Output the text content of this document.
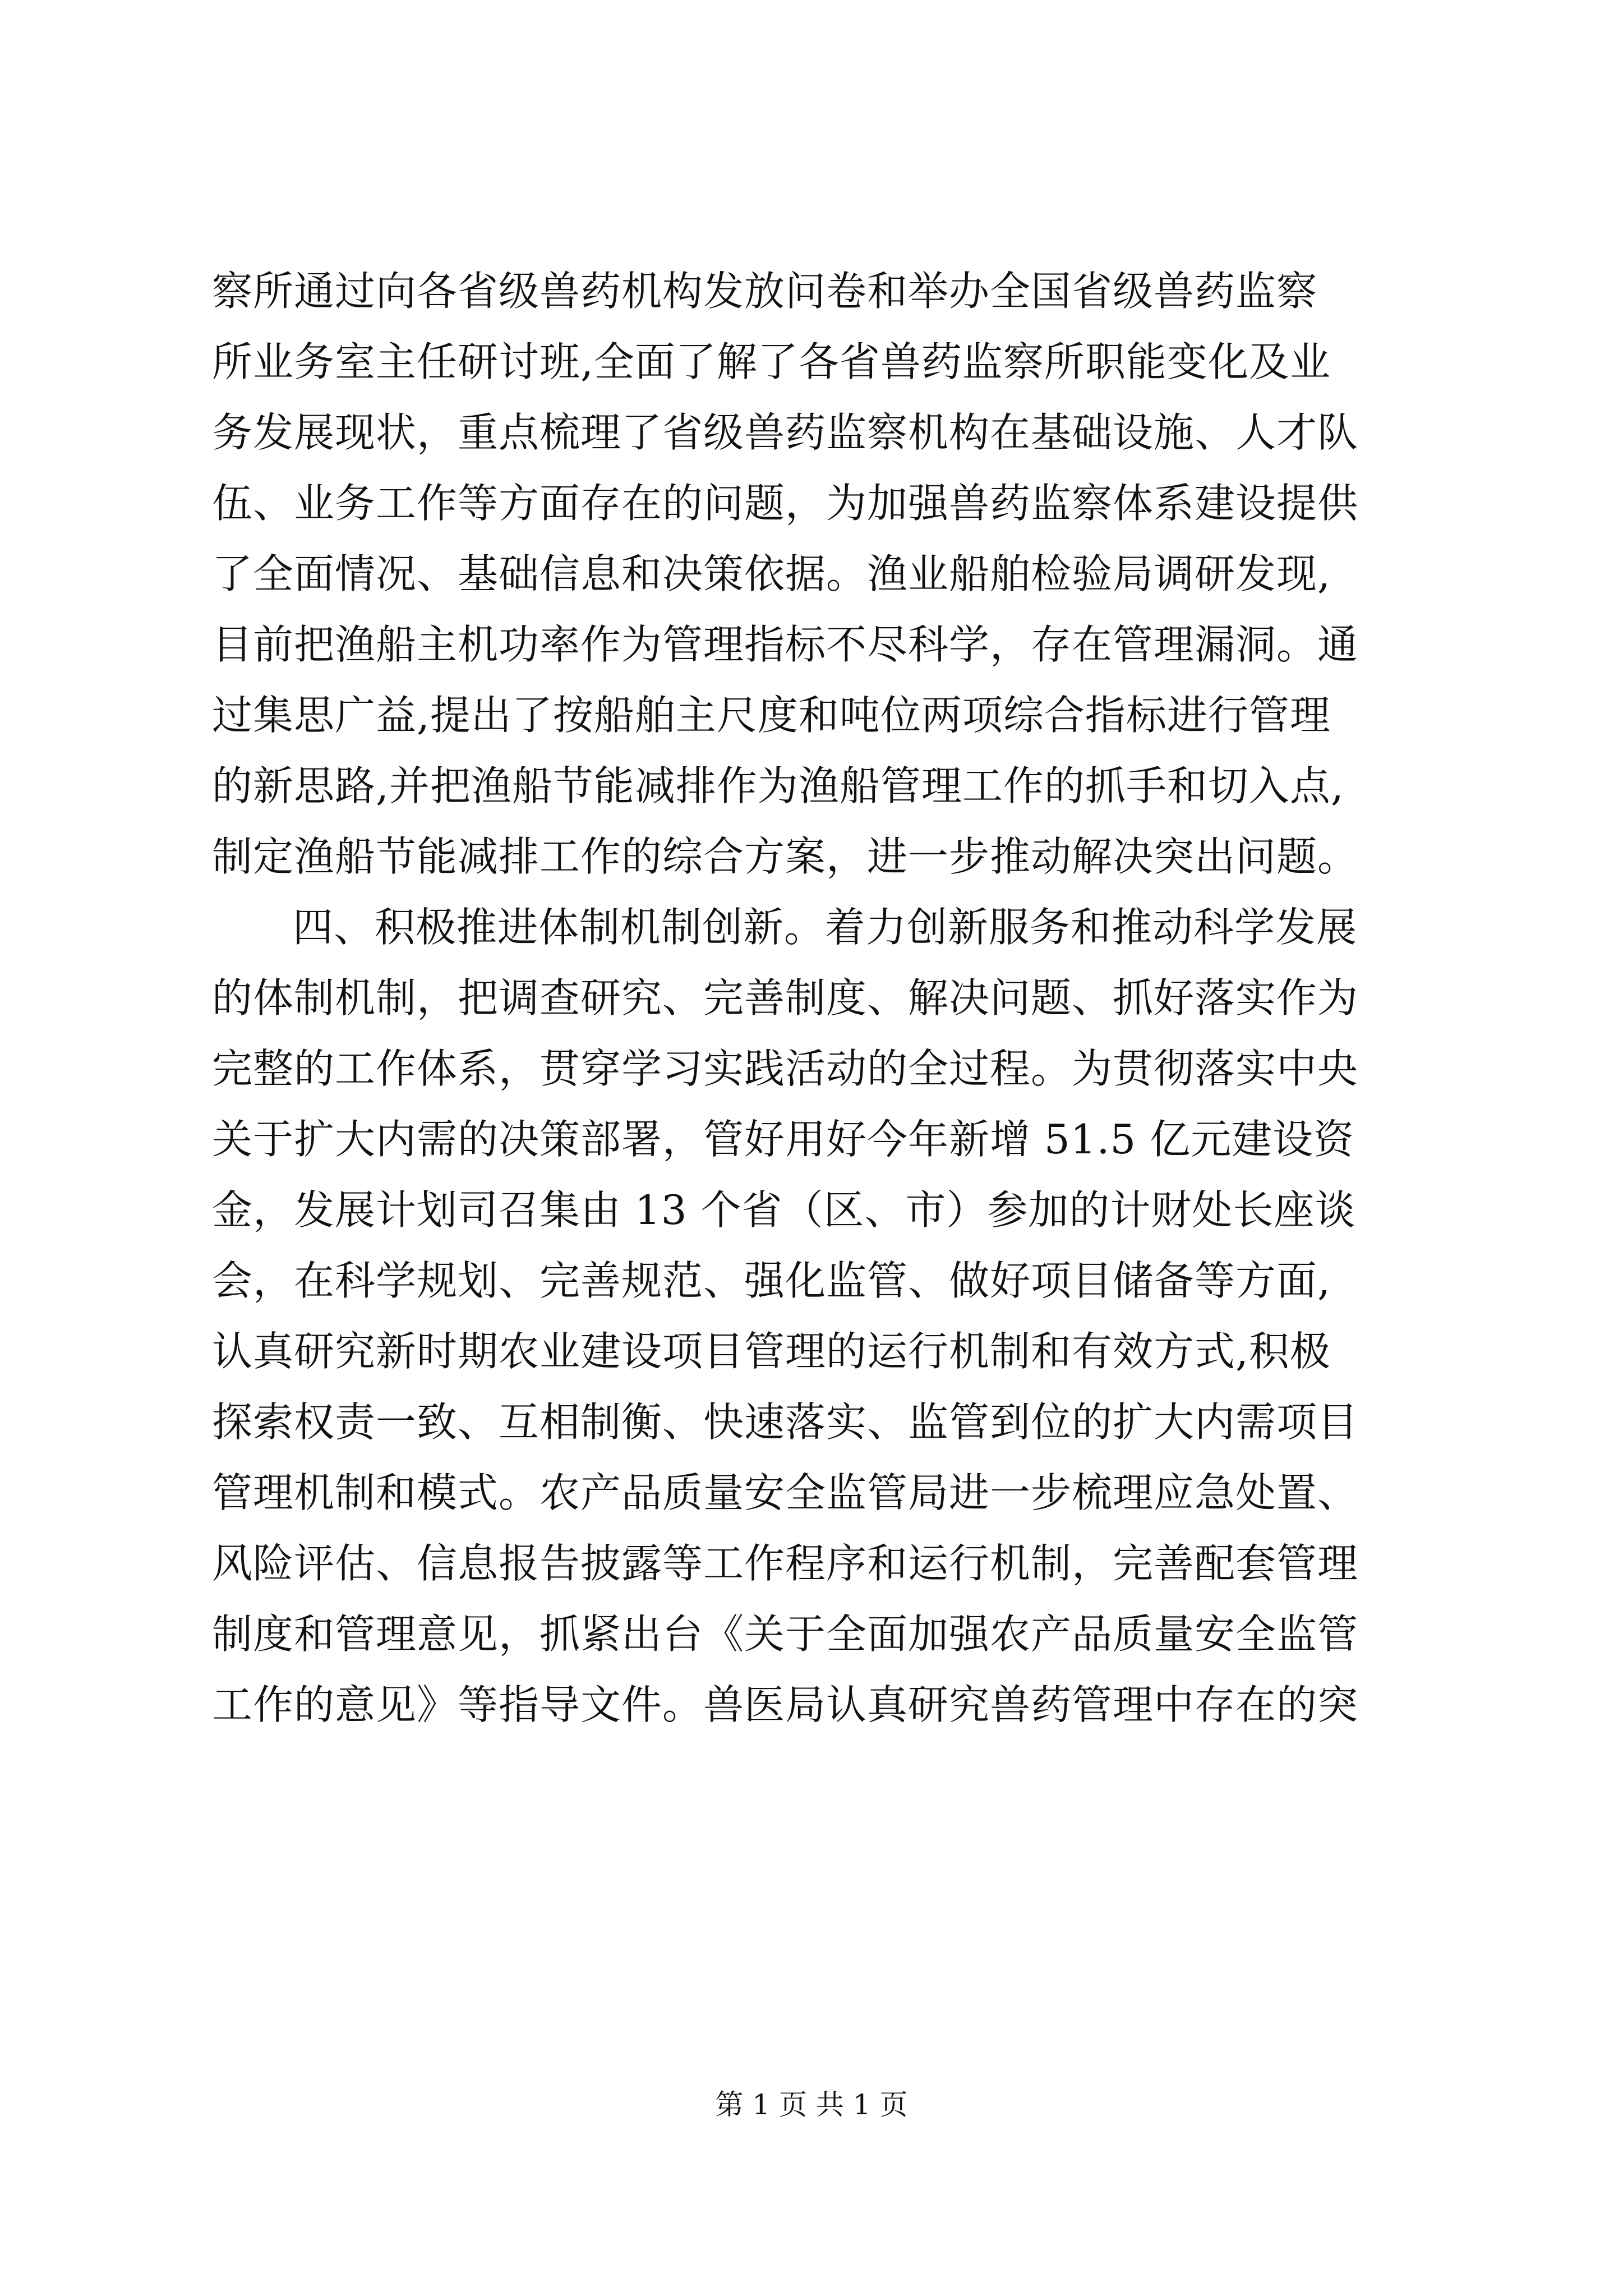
察所通过向各省级兽药机构发放问卷和举办全国省级兽药监察
所业务室主任研讨班,全面了解了各省兽药监察所职能变化及业
务发展现状，重点梳理了省级兽药监察机构在基础设施、人才队
伍、业务工作等方面存在的问题，为加强兽药监察体系建设提供
了全面情况、基础信息和决策依据。渔业船舶检验局调研发现,
目前把渔船主机功率作为管理指标不尽科学，存在管理漏洞。通
过集思广益,提出了按船舶主尺度和吨位两项综合指标进行管理
的新思路,并把渔船节能减排作为渔船管理工作的抓手和切入点,
制定渔船节能减排工作的综合方案，进一步推动解决突出问题。
四、积极推进体制机制创新。着力创新服务和推动科学发展
的体制机制，把调查研究、完善制度、解决问题、抓好落实作为
完整的工作体系，贯穿学习实践活动的全过程。为贯彻落实中央
关于扩大内需的决策部署，管好用好今年新增 51.5 亿元建设资
金，发展计划司召集由 13 个省（区、市）参加的计财处长座谈
会，在科学规划、完善规范、强化监管、做好项目储备等方面,
认真研究新时期农业建设项目管理的运行机制和有效方式,积极
探索权责一致、互相制衡、快速落实、监管到位的扩大内需项目
管理机制和模式。农产品质量安全监管局进一步梳理应急处置、
风险评估、信息报告披露等工作程序和运行机制，完善配套管理
制度和管理意见，抓紧出台《关于全面加强农产品质量安全监管
工作的意见》等指导文件。兽医局认真研究兽药管理中存在的突
第 1 页 共 1 页
